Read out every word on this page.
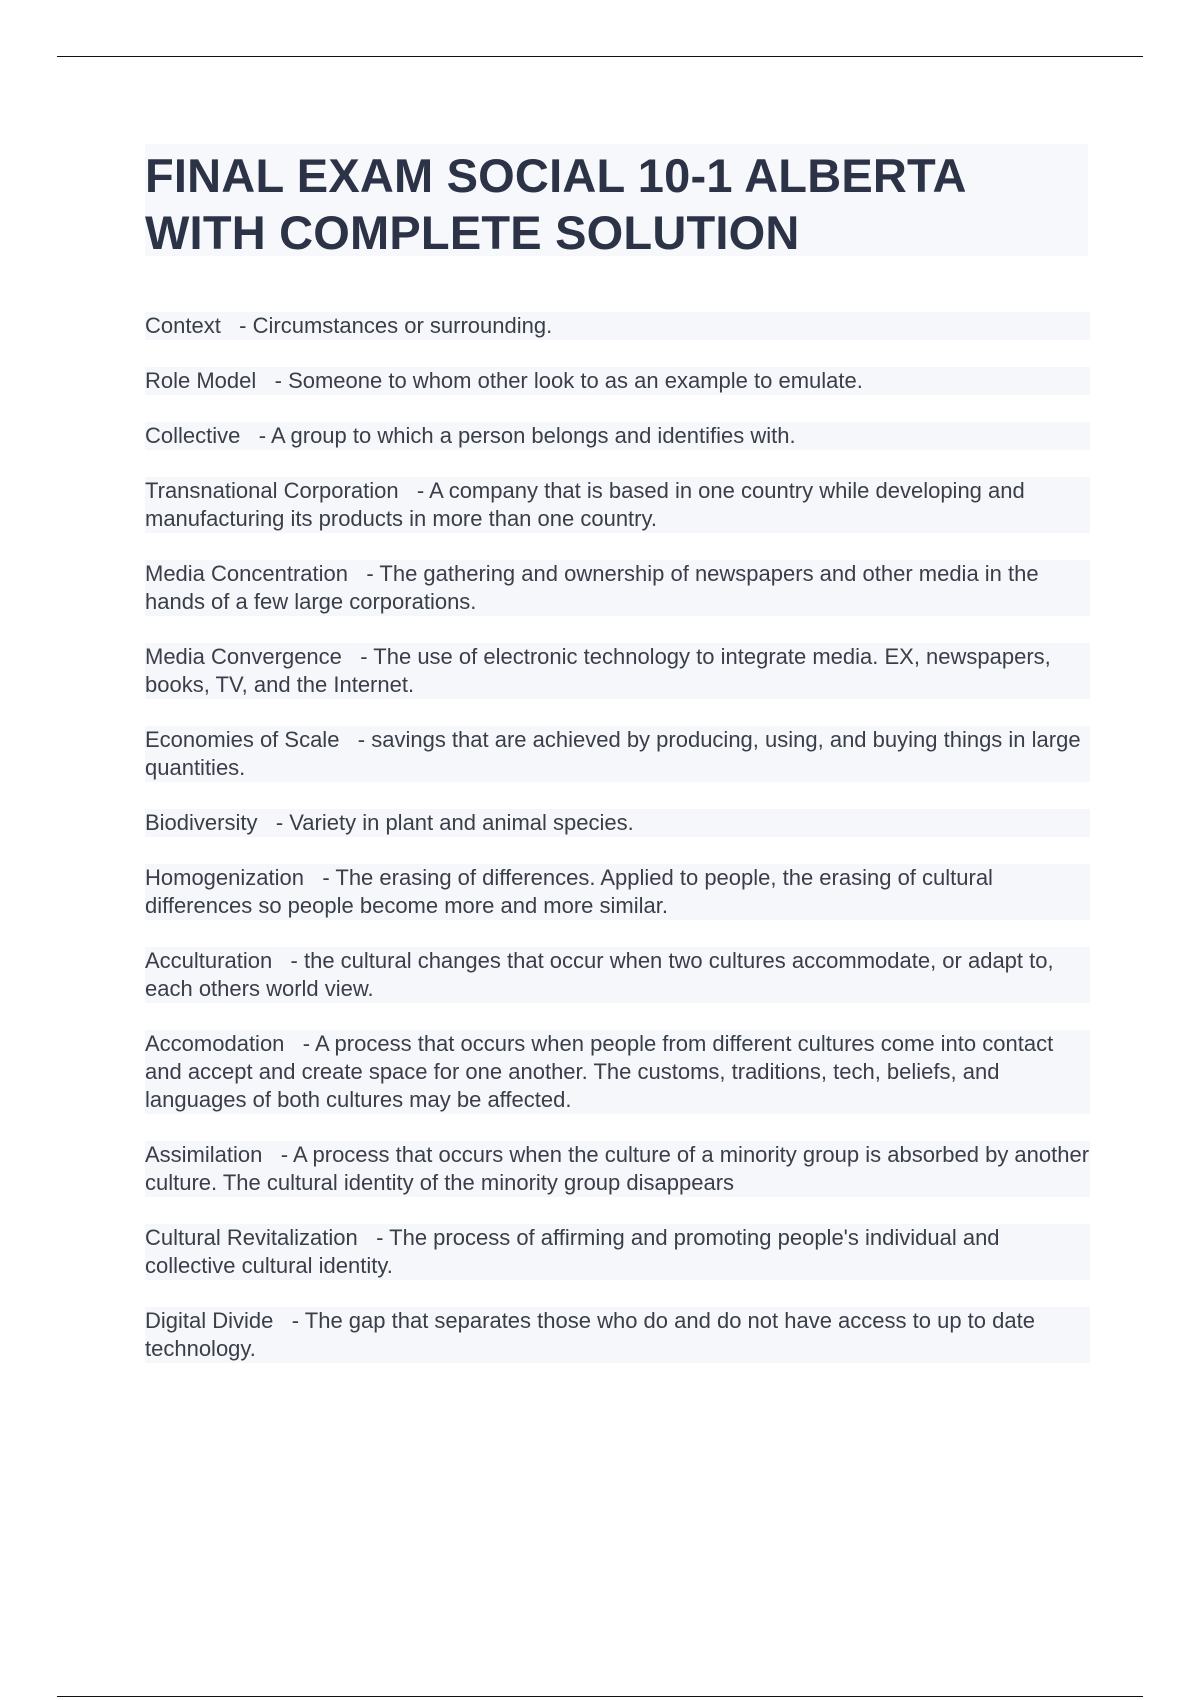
FINAL EXAM SOCIAL 10-1 ALBERTA WITH COMPLETE SOLUTION

Context   - Circumstances or surrounding.

Role Model   - Someone to whom other look to as an example to emulate.

Collective   - A group to which a person belongs and identifies with.

Transnational Corporation   - A company that is based in one country while developing and manufacturing its products in more than one country.

Media Concentration   - The gathering and ownership of newspapers and other media in the hands of a few large corporations.

Media Convergence   - The use of electronic technology to integrate media. EX, newspapers, books, TV, and the Internet.

Economies of Scale   - savings that are achieved by producing, using, and buying things in large quantities.

Biodiversity   - Variety in plant and animal species.

Homogenization   - The erasing of differences. Applied to people, the erasing of cultural differences so people become more and more similar.

Acculturation   - the cultural changes that occur when two cultures accommodate, or adapt to, each others world view.

Accomodation   - A process that occurs when people from different cultures come into contact and accept and create space for one another. The customs, traditions, tech, beliefs, and languages of both cultures may be affected.

Assimilation   - A process that occurs when the culture of a minority group is absorbed by another culture. The cultural identity of the minority group disappears

Cultural Revitalization   - The process of affirming and promoting people's individual and collective cultural identity.

Digital Divide   - The gap that separates those who do and do not have access to up to date technology.
